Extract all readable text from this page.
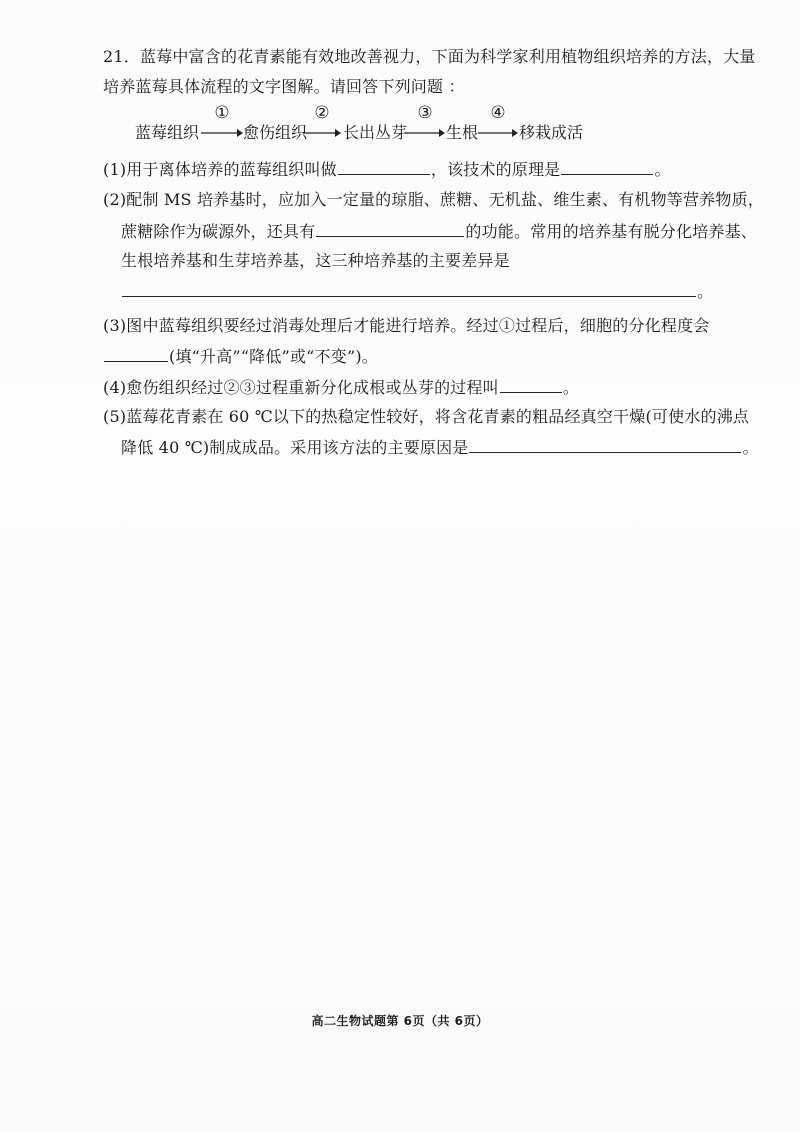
21．蓝莓中富含的花青素能有效地改善视力，下面为科学家利用植物组织培养的方法，大量
培养蓝莓具体流程的文字图解。请回答下列问题 ：
蓝莓组织
①
愈伤组织
②
长出丛芽
③
生根
④
移栽成活
(1)用于离体培养的蓝莓组织叫做	，该技术的原理是	。
(2)配制 MS 培养基时，应加入一定量的琼脂、蔗糖、无机盐、维生素、有机物等营养物质，
蔗糖除作为碳源外，还具有	的功能。常用的培养基有脱分化培养基、
生根培养基和生芽培养基，这三种培养基的主要差异是
。
(3)图中蓝莓组织要经过消毒处理后才能进行培养。经过①过程后，细胞的分化程度会
(填“升高”“降低”或“不变”)。
(4)愈伤组织经过②③过程重新分化成根或丛芽的过程叫	。
(5)蓝莓花青素在 60 ℃以下的热稳定性较好，将含花青素的粗品经真空干燥(可使水的沸点
降低 40 ℃)制成成品。采用该方法的主要原因是	。
高二生物试题第 6页（共 6页）
